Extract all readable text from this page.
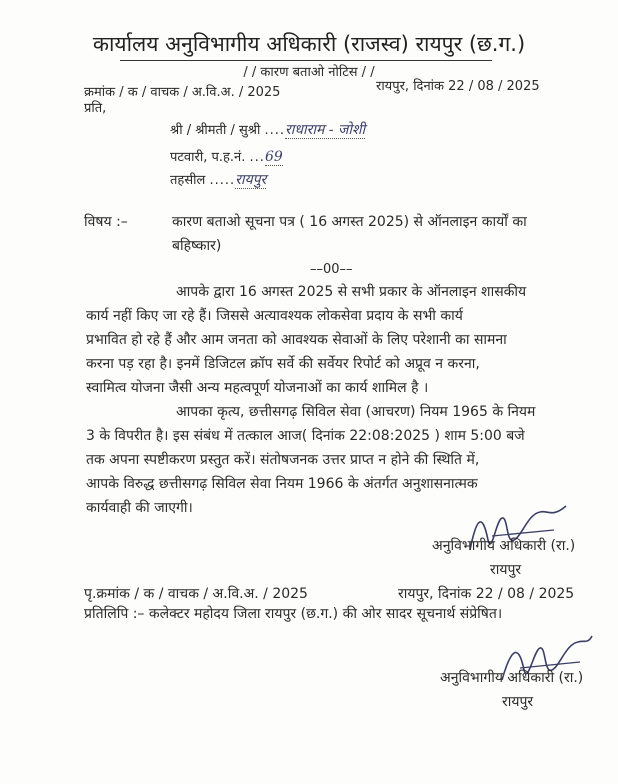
कार्यालय अनुविभागीय अधिकारी (राजस्व) रायपुर (छ.ग.)
/ / कारण बताओ नोटिस / /
क्रमांक / क / वाचक / अ.वि.अ. / 2025	रायपुर, दिनांक 22 / 08 / 2025
प्रति,
श्री / श्रीमती / सुश्री ....राधाराम - जोशी
पटवारी, प.ह.नं. ...69
तहसील .....रायपुर
विषय :–	कारण बताओ सूचना पत्र ( 16 अगस्त 2025) से ऑनलाइन कार्यों का
बहिष्कार)
––00––
आपके द्वारा 16 अगस्त 2025 से सभी प्रकार के ऑनलाइन शासकीय
कार्य नहीं किए जा रहे हैं। जिससे अत्यावश्यक लोकसेवा प्रदाय के सभी कार्य
प्रभावित हो रहे हैं और आम जनता को आवश्यक सेवाओं के लिए परेशानी का सामना
करना पड़ रहा है। इनमें डिजिटल क्रॉप सर्वे की सर्वेयर रिपोर्ट को अप्रूव न करना,
स्वामित्व योजना जैसी अन्य महत्वपूर्ण योजनाओं का कार्य शामिल है ।
आपका कृत्य, छत्तीसगढ़ सिविल सेवा (आचरण) नियम 1965 के नियम
3 के विपरीत है। इस संबंध में तत्काल आज( दिनांक 22:08:2025 ) शाम 5:00 बजे
तक अपना स्पष्टीकरण प्रस्तुत करें। संतोषजनक उत्तर प्राप्त न होने की स्थिति में,
आपके विरुद्ध छत्तीसगढ़ सिविल सेवा नियम 1966 के अंतर्गत अनुशासनात्मक
कार्यवाही की जाएगी।
अनुविभागीय अधिकारी (रा.)
रायपुर
पृ.क्रमांक / क / वाचक / अ.वि.अ. / 2025	रायपुर, दिनांक 22 / 08 / 2025
प्रतिलिपि :– कलेक्टर महोदय जिला रायपुर (छ.ग.) की ओर सादर सूचनार्थ संप्रेषित।
अनुविभागीय अधिकारी (रा.)
रायपुर
